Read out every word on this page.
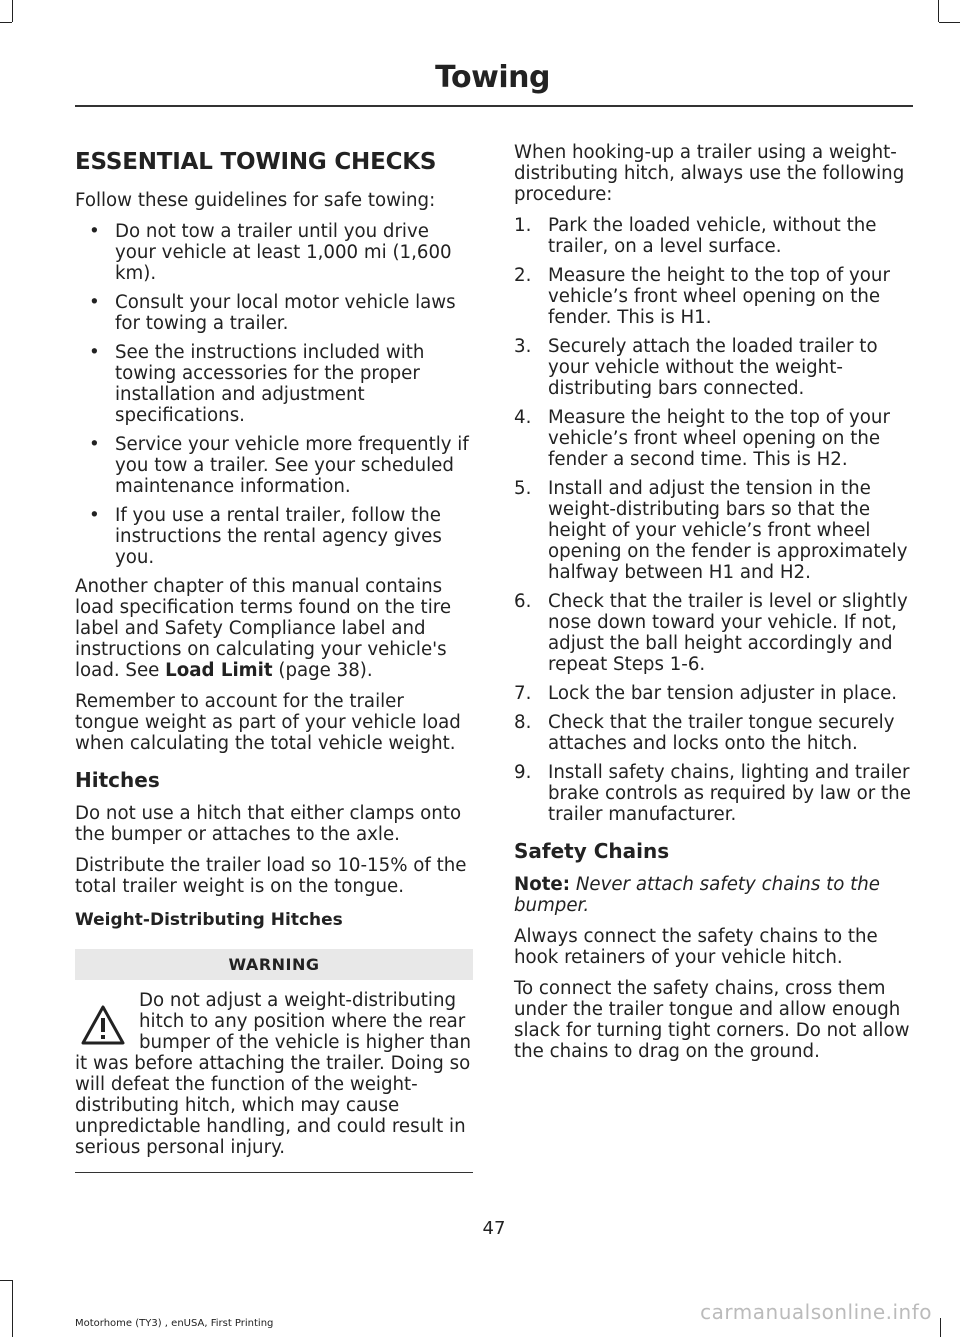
Towing
ESSENTIAL TOWING CHECKS

Follow these guidelines for safe towing:

• Do not tow a trailer until you drive your vehicle at least 1,000 mi (1,600 km).
• Consult your local motor vehicle laws for towing a trailer.
• See the instructions included with towing accessories for the proper installation and adjustment specifications.
• Service your vehicle more frequently if you tow a trailer. See your scheduled maintenance information.
• If you use a rental trailer, follow the instructions the rental agency gives you.

Another chapter of this manual contains load specification terms found on the tire label and Safety Compliance label and instructions on calculating your vehicle's load. See Load Limit (page 38).

Remember to account for the trailer tongue weight as part of your vehicle load when calculating the total vehicle weight.

Hitches

Do not use a hitch that either clamps onto the bumper or attaches to the axle.

Distribute the trailer load so 10-15% of the total trailer weight is on the tongue.

Weight-Distributing Hitches
WARNING
Do not adjust a weight-distributing hitch to any position where the rear bumper of the vehicle is higher than it was before attaching the trailer. Doing so will defeat the function of the weight-distributing hitch, which may cause unpredictable handling, and could result in serious personal injury.

When hooking-up a trailer using a weight-distributing hitch, always use the following procedure:

1. Park the loaded vehicle, without the trailer, on a level surface.
2. Measure the height to the top of your vehicle’s front wheel opening on the fender. This is H1.
3. Securely attach the loaded trailer to your vehicle without the weight-distributing bars connected.
4. Measure the height to the top of your vehicle’s front wheel opening on the fender a second time. This is H2.
5. Install and adjust the tension in the weight-distributing bars so that the height of your vehicle’s front wheel opening on the fender is approximately halfway between H1 and H2.
6. Check that the trailer is level or slightly nose down toward your vehicle. If not, adjust the ball height accordingly and repeat Steps 1-6.
7. Lock the bar tension adjuster in place.
8. Check that the trailer tongue securely attaches and locks onto the hitch.
9. Install safety chains, lighting and trailer brake controls as required by law or the trailer manufacturer.
Safety Chains

Note: Never attach safety chains to the bumper.

Always connect the safety chains to the hook retainers of your vehicle hitch.

To connect the safety chains, cross them under the trailer tongue and allow enough slack for turning tight corners. Do not allow the chains to drag on the ground.

47
Motorhome (TY3) , enUSA, First Printing	carmanualsonline.info
